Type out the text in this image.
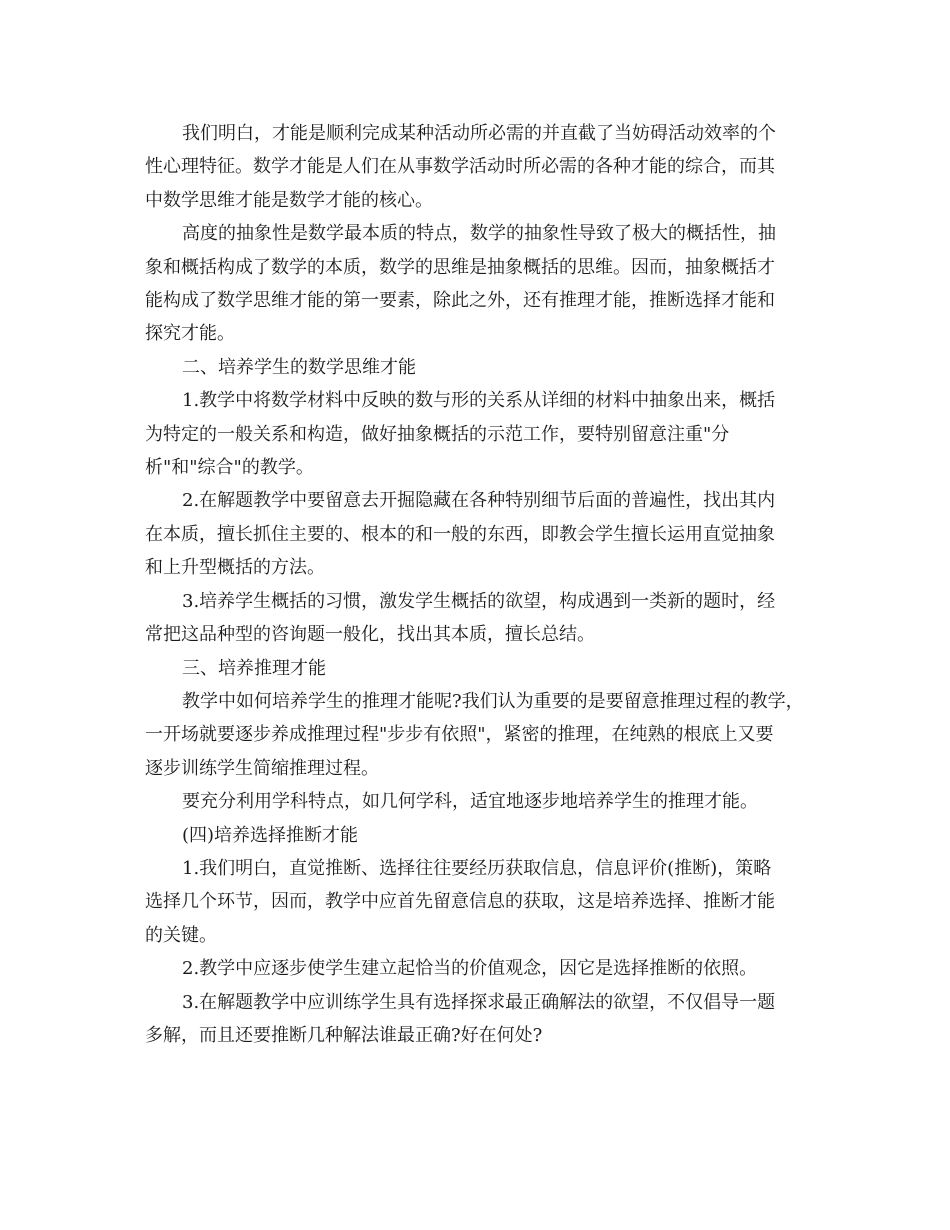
我们明白，才能是顺利完成某种活动所必需的并直截了当妨碍活动效率的个
性心理特征。数学才能是人们在从事数学活动时所必需的各种才能的综合，而其
中数学思维才能是数学才能的核心。
高度的抽象性是数学最本质的特点，数学的抽象性导致了极大的概括性，抽
象和概括构成了数学的本质，数学的思维是抽象概括的思维。因而，抽象概括才
能构成了数学思维才能的第一要素，除此之外，还有推理才能，推断选择才能和
探究才能。
二、培养学生的数学思维才能
1.教学中将数学材料中反映的数与形的关系从详细的材料中抽象出来，概括
为特定的一般关系和构造，做好抽象概括的示范工作，要特别留意注重"分
析"和"综合"的教学。
2.在解题教学中要留意去开掘隐藏在各种特别细节后面的普遍性，找出其内
在本质，擅长抓住主要的、根本的和一般的东西，即教会学生擅长运用直觉抽象
和上升型概括的方法。
3.培养学生概括的习惯，激发学生概括的欲望，构成遇到一类新的题时，经
常把这品种型的咨询题一般化，找出其本质，擅长总结。
三、培养推理才能
教学中如何培养学生的推理才能呢?我们认为重要的是要留意推理过程的教学，
一开场就要逐步养成推理过程"步步有依照"，紧密的推理，在纯熟的根底上又要
逐步训练学生简缩推理过程。
要充分利用学科特点，如几何学科，适宜地逐步地培养学生的推理才能。
(四)培养选择推断才能
1.我们明白，直觉推断、选择往往要经历获取信息，信息评价(推断)，策略
选择几个环节，因而，教学中应首先留意信息的获取，这是培养选择、推断才能
的关键。
2.教学中应逐步使学生建立起恰当的价值观念，因它是选择推断的依照。
3.在解题教学中应训练学生具有选择探求最正确解法的欲望，不仅倡导一题
多解，而且还要推断几种解法谁最正确?好在何处?
